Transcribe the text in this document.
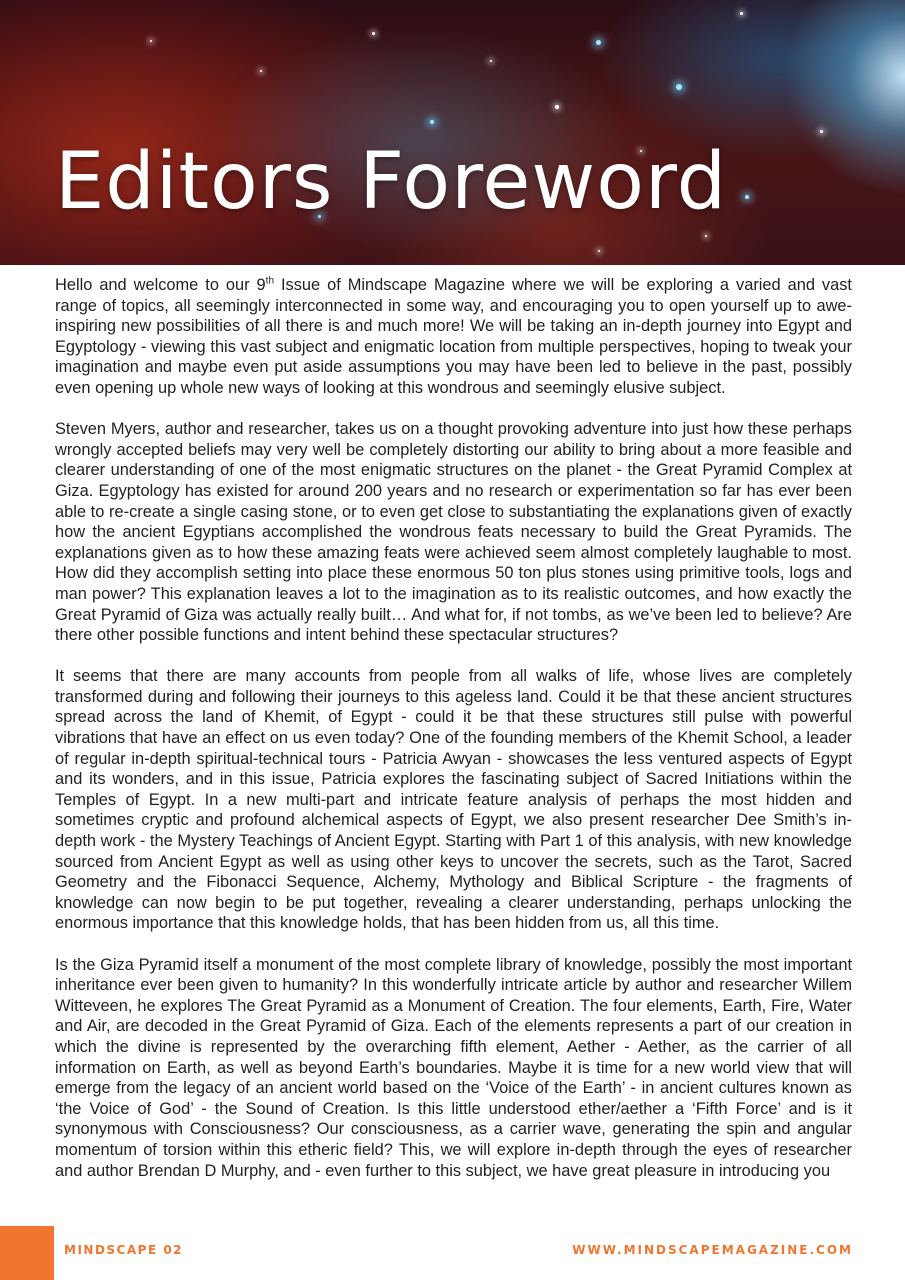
Editors Foreword

Hello and welcome to our 9th Issue of Mindscape Magazine where we will be exploring a varied and vast range of topics, all seemingly interconnected in some way, and encouraging you to open yourself up to awe-inspiring new possibilities of all there is and much more! We will be taking an in-depth journey into Egypt and Egyptology - viewing this vast subject and enigmatic location from multiple perspectives, hoping to tweak your imagination and maybe even put aside assumptions you may have been led to believe in the past, possibly even opening up whole new ways of looking at this wondrous and seemingly elusive subject.

Steven Myers, author and researcher, takes us on a thought provoking adventure into just how these perhaps wrongly accepted beliefs may very well be completely distorting our ability to bring about a more feasible and clearer understanding of one of the most enigmatic structures on the planet - the Great Pyramid Complex at Giza. Egyptology has existed for around 200 years and no research or experimentation so far has ever been able to re-create a single casing stone, or to even get close to substantiating the explanations given of exactly how the ancient Egyptians accomplished the wondrous feats necessary to build the Great Pyramids. The explanations given as to how these amazing feats were achieved seem almost completely laughable to most. How did they accomplish setting into place these enormous 50 ton plus stones using primitive tools, logs and man power? This explanation leaves a lot to the imagination as to its realistic outcomes, and how exactly the Great Pyramid of Giza was actually really built… And what for, if not tombs, as we’ve been led to believe? Are there other possible functions and intent behind these spectacular structures?

It seems that there are many accounts from people from all walks of life, whose lives are completely transformed during and following their journeys to this ageless land. Could it be that these ancient structures spread across the land of Khemit, of Egypt - could it be that these structures still pulse with powerful vibrations that have an effect on us even today? One of the founding members of the Khemit School, a leader of regular in-depth spiritual-technical tours - Patricia Awyan - showcases the less ventured aspects of Egypt and its wonders, and in this issue, Patricia explores the fascinating subject of Sacred Initiations within the Temples of Egypt. In a new multi-part and intricate feature analysis of perhaps the most hidden and sometimes cryptic and profound alchemical aspects of Egypt, we also present researcher Dee Smith’s in-depth work - the Mystery Teachings of Ancient Egypt. Starting with Part 1 of this analysis, with new knowledge sourced from Ancient Egypt as well as using other keys to uncover the secrets, such as the Tarot, Sacred Geometry and the Fibonacci Sequence, Alchemy, Mythology and Biblical Scripture - the fragments of knowledge can now begin to be put together, revealing a clearer understanding, perhaps unlocking the enormous importance that this knowledge holds, that has been hidden from us, all this time.

Is the Giza Pyramid itself a monument of the most complete library of knowledge, possibly the most important inheritance ever been given to humanity? In this wonderfully intricate article by author and researcher Willem Witteveen, he explores The Great Pyramid as a Monument of Creation. The four elements, Earth, Fire, Water and Air, are decoded in the Great Pyramid of Giza. Each of the elements represents a part of our creation in which the divine is represented by the overarching fifth element, Aether - Aether, as the carrier of all information on Earth, as well as beyond Earth’s boundaries. Maybe it is time for a new world view that will emerge from the legacy of an ancient world based on the ‘Voice of the Earth’ - in ancient cultures known as ‘the Voice of God’ - the Sound of Creation. Is this little understood ether/aether a ‘Fifth Force’ and is it synonymous with Consciousness? Our consciousness, as a carrier wave, generating the spin and angular momentum of torsion within this etheric field? This, we will explore in-depth through the eyes of researcher and author Brendan D Murphy, and - even further to this subject, we have great pleasure in introducing you

MINDSCAPE 02	WWW.MINDSCAPEMAGAZINE.COM
